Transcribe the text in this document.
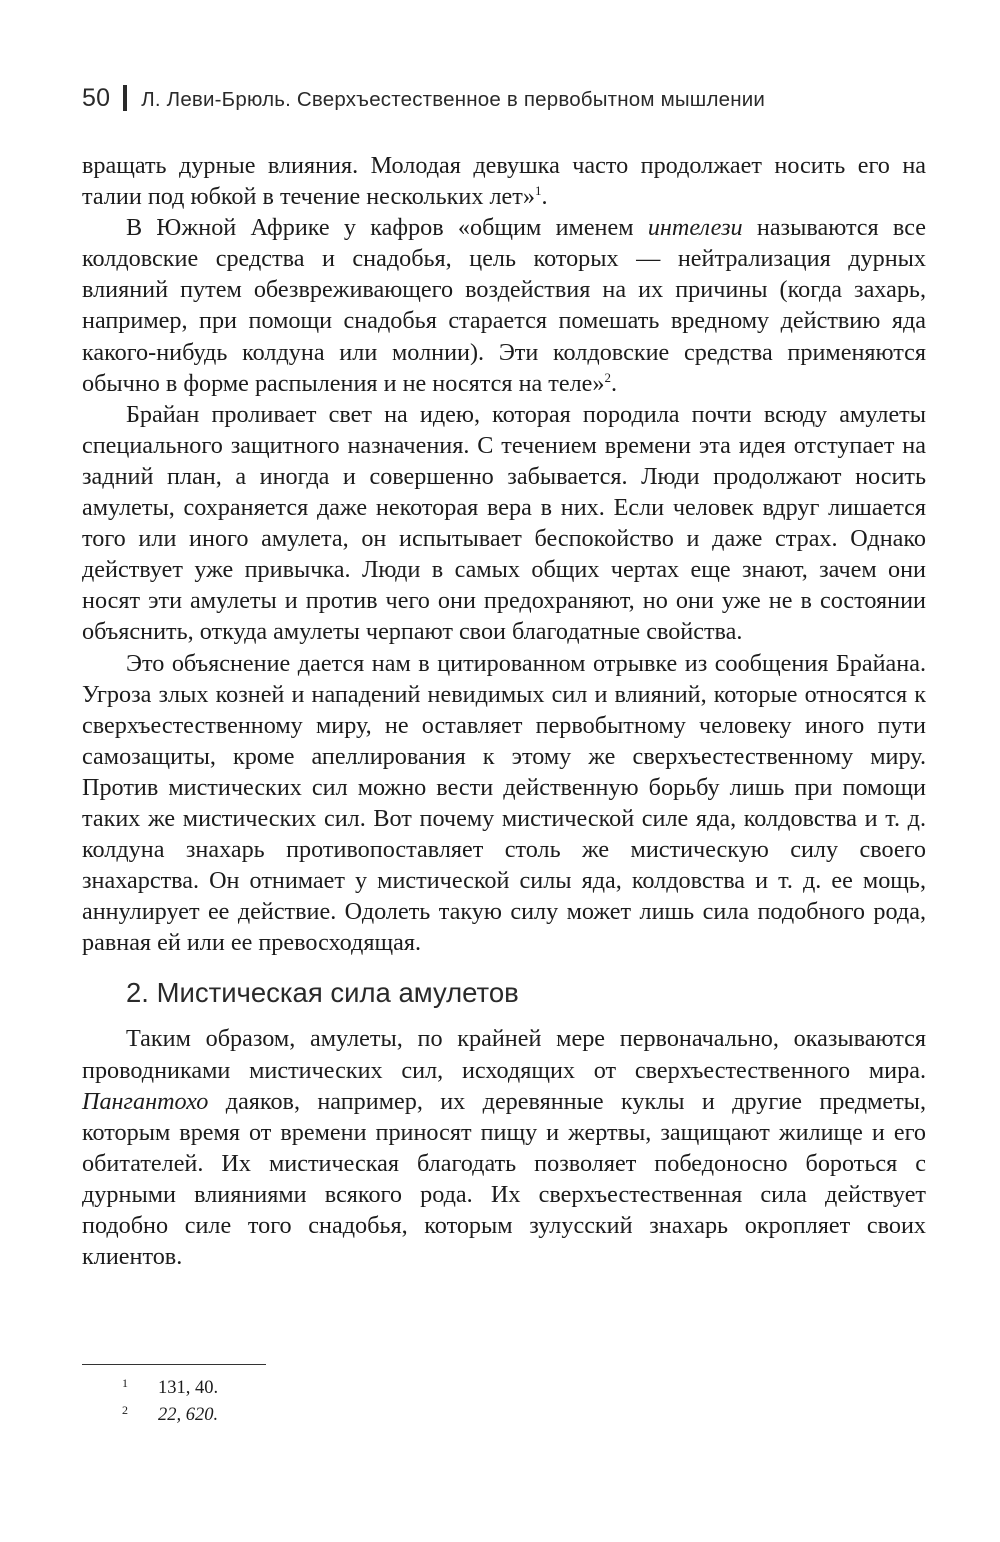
50 Л. Леви-Брюль. Сверхъестественное в первобытном мышлении

вращать дурные влияния. Молодая девушка часто продолжает носить его на талии под юбкой в течение нескольких лет»$^1$.

В Южной Африке у кафров «общим именем интелези называются все колдовские средства и снадобья, цель которых — нейтрализация дурных влияний путем обезвреживающего воздействия на их причины (когда захарь, например, при помощи снадобья старается помешать вредному действию яда какого-нибудь колдуна или молнии). Эти колдовские средства применяются обычно в форме распыления и не носятся на теле»$^2$.

Брайан проливает свет на идею, которая породила почти всюду амулеты специального защитного назначения. С течением времени эта идея отступает на задний план, а иногда и совершенно забывается. Люди продолжают носить амулеты, сохраняется даже некоторая вера в них. Если человек вдруг лишается того или иного амулета, он испытывает беспокойство и даже страх. Однако действует уже привычка. Люди в самых общих чертах еще знают, зачем они носят эти амулеты и против чего они предохраняют, но они уже не в состоянии объяснить, откуда амулеты черпают свои благодатные свойства.

Это объяснение дается нам в цитированном отрывке из сообщения Брайана. Угроза злых козней и нападений невидимых сил и влияний, которые относятся к сверхъестественному миру, не оставляет первобытному человеку иного пути самозащиты, кроме апеллирования к этому же сверхъестественному миру. Против мистических сил можно вести действенную борьбу лишь при помощи таких же мистических сил. Вот почему мистической силе яда, колдовства и т. д. колдуна знахарь противопоставляет столь же мистическую силу своего знахарства. Он отнимает у мистической силы яда, колдовства и т. д. ее мощь, аннулирует ее действие. Одолеть такую силу может лишь сила подобного рода, равная ей или ее превосходящая.

2. Мистическая сила амулетов

Таким образом, амулеты, по крайней мере первоначально, оказываются проводниками мистических сил, исходящих от сверхъестественного мира. Пангантохо даяков, например, их деревянные куклы и другие предметы, которым время от времени приносят пищу и жертвы, защищают жилище и его обитателей. Их мистическая благодать позволяет победоносно бороться с дурными влияниями всякого рода. Их сверхъестественная сила действует подобно силе того снадобья, которым зулусский знахарь окропляет своих клиентов.

1 131, 40.
2 22, 620.
